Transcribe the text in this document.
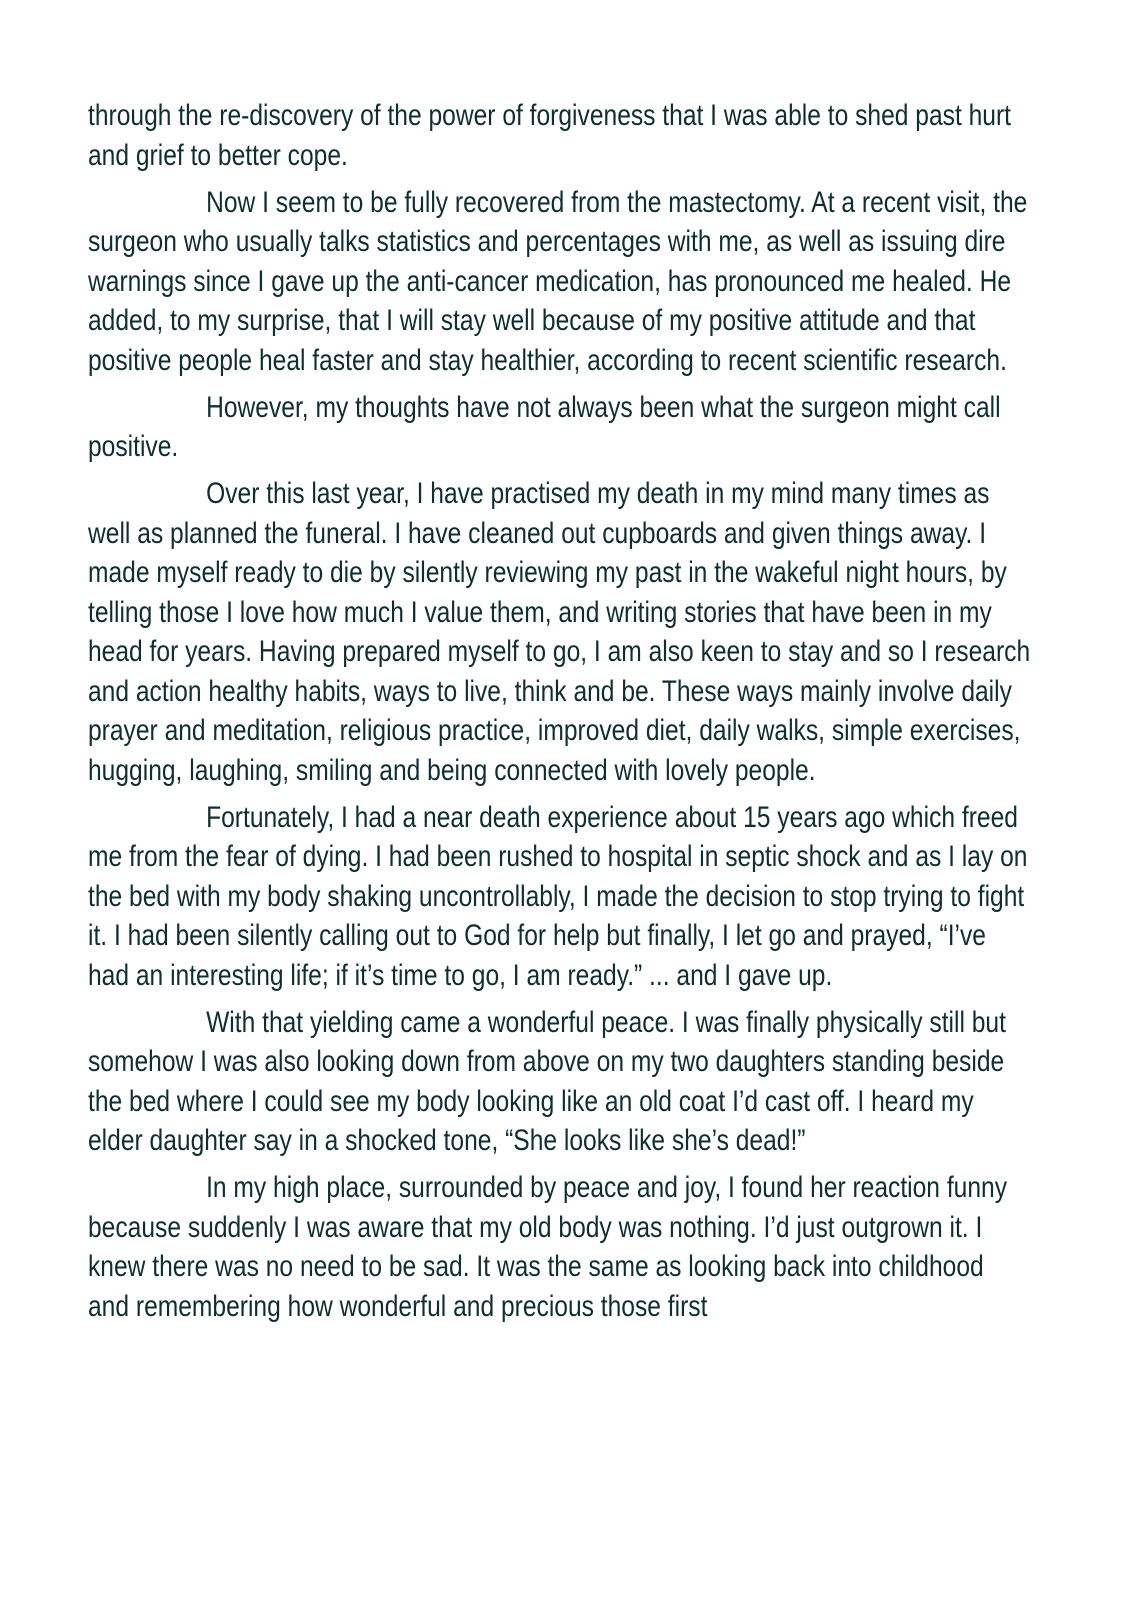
through the re-discovery of the power of forgiveness that I was able to shed past hurt and grief to better cope.

Now I seem to be fully recovered from the mastectomy. At a recent visit, the surgeon who usually talks statistics and percentages with me, as well as issuing dire warnings since I gave up the anti-cancer medication, has pronounced me healed. He added, to my surprise, that I will stay well because of my positive attitude and that positive people heal faster and stay healthier, according to recent scientific research.

However, my thoughts have not always been what the surgeon might call positive.

Over this last year, I have practised my death in my mind many times as well as planned the funeral. I have cleaned out cupboards and given things away. I made myself ready to die by silently reviewing my past in the wakeful night hours, by telling those I love how much I value them, and writing stories that have been in my head for years. Having prepared myself to go, I am also keen to stay and so I research and action healthy habits, ways to live, think and be. These ways mainly involve daily prayer and meditation, religious practice, improved diet, daily walks, simple exercises, hugging, laughing, smiling and being connected with lovely people.

Fortunately, I had a near death experience about 15 years ago which freed me from the fear of dying. I had been rushed to hospital in septic shock and as I lay on the bed with my body shaking uncontrollably, I made the decision to stop trying to fight it. I had been silently calling out to God for help but finally, I let go and prayed, “I’ve had an interesting life; if it’s time to go, I am ready.” ... and I gave up.

With that yielding came a wonderful peace. I was finally physically still but somehow I was also looking down from above on my two daughters standing beside the bed where I could see my body looking like an old coat I’d cast off. I heard my elder daughter say in a shocked tone, “She looks like she’s dead!”

In my high place, surrounded by peace and joy, I found her reaction funny because suddenly I was aware that my old body was nothing. I’d just outgrown it. I knew there was no need to be sad. It was the same as looking back into childhood and remembering how wonderful and precious those first
